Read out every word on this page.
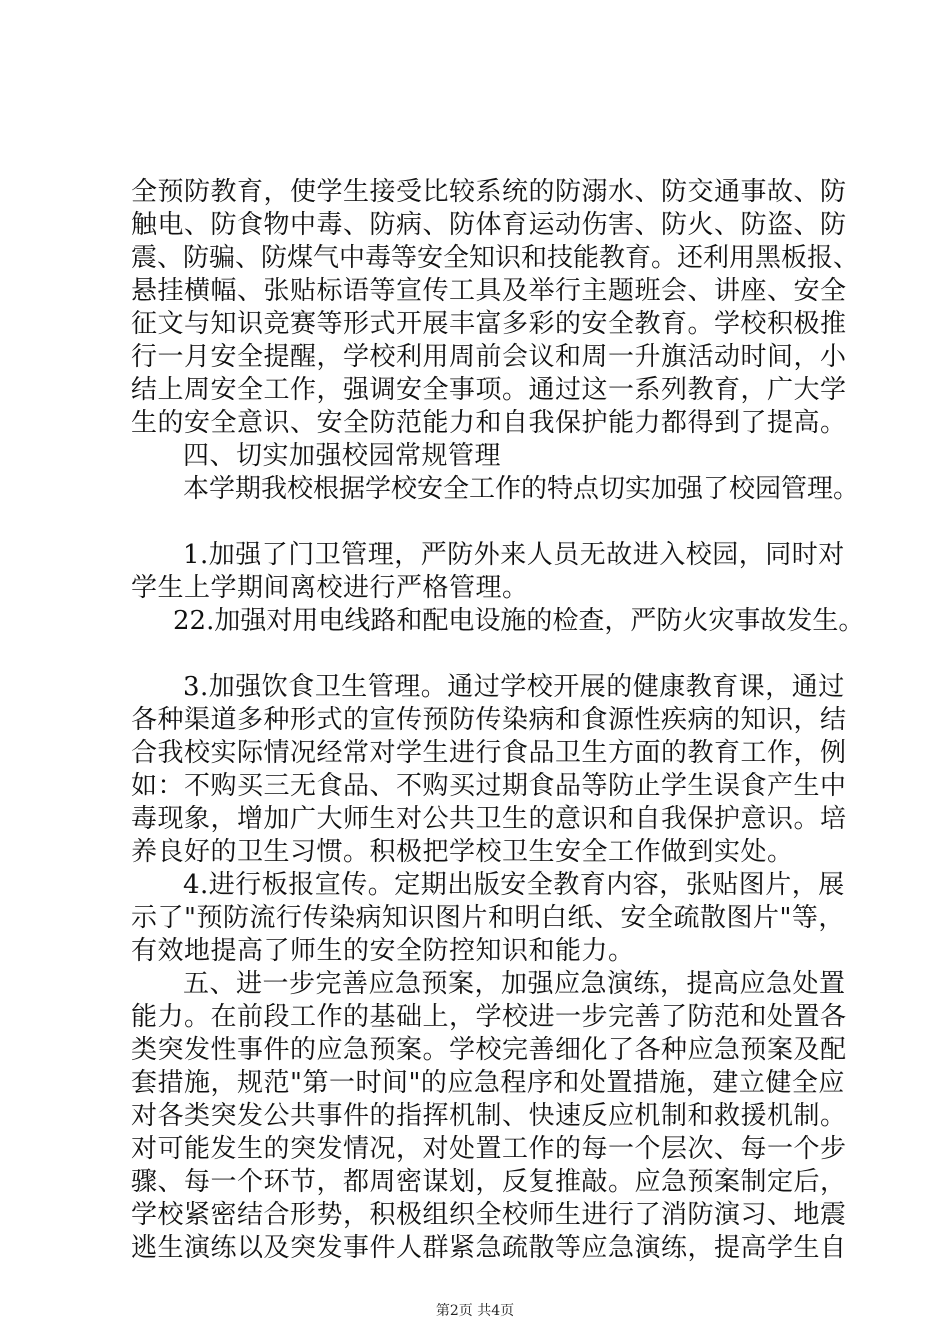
全预防教育，使学生接受比较系统的防溺水、防交通事故、防
触电、防食物中毒、防病、防体育运动伤害、防火、防盗、防
震、防骗、防煤气中毒等安全知识和技能教育。还利用黑板报、
悬挂横幅、张贴标语等宣传工具及举行主题班会、讲座、安全
征文与知识竞赛等形式开展丰富多彩的安全教育。学校积极推
行一月安全提醒，学校利用周前会议和周一升旗活动时间，小
结上周安全工作，强调安全事项。通过这一系列教育，广大学
生的安全意识、安全防范能力和自我保护能力都得到了提高。
四、切实加强校园常规管理
本学期我校根据学校安全工作的特点切实加强了校园管理。
1.加强了门卫管理，严防外来人员无故进入校园，同时对
学生上学期间离校进行严格管理。
22.加强对用电线路和配电设施的检查，严防火灾事故发生。
3.加强饮食卫生管理。通过学校开展的健康教育课，通过
各种渠道多种形式的宣传预防传染病和食源性疾病的知识，结
合我校实际情况经常对学生进行食品卫生方面的教育工作，例
如：不购买三无食品、不购买过期食品等防止学生误食产生中
毒现象，增加广大师生对公共卫生的意识和自我保护意识。培
养良好的卫生习惯。积极把学校卫生安全工作做到实处。
4.进行板报宣传。定期出版安全教育内容，张贴图片，展
示了"预防流行传染病知识图片和明白纸、安全疏散图片"等，
有效地提高了师生的安全防控知识和能力。
五、进一步完善应急预案，加强应急演练，提高应急处置
能力。在前段工作的基础上，学校进一步完善了防范和处置各
类突发性事件的应急预案。学校完善细化了各种应急预案及配
套措施，规范"第一时间"的应急程序和处置措施，建立健全应
对各类突发公共事件的指挥机制、快速反应机制和救援机制。
对可能发生的突发情况，对处置工作的每一个层次、每一个步
骤、每一个环节，都周密谋划，反复推敲。应急预案制定后，
学校紧密结合形势，积极组织全校师生进行了消防演习、地震
逃生演练以及突发事件人群紧急疏散等应急演练，提高学生自
第2页 共4页
